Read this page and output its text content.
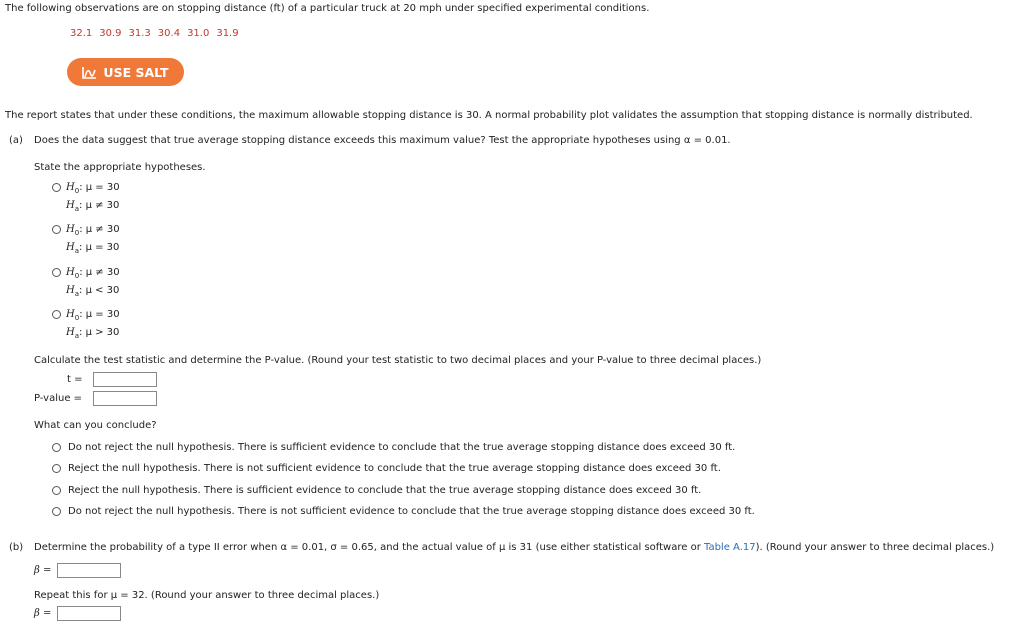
The following observations are on stopping distance (ft) of a particular truck at 20 mph under specified experimental conditions.
32.1 30.9 31.3 30.4 31.0 31.9
USE SALT
The report states that under these conditions, the maximum allowable stopping distance is 30. A normal probability plot validates the assumption that stopping distance is normally distributed.
(a) Does the data suggest that true average stopping distance exceeds this maximum value? Test the appropriate hypotheses using α = 0.01.
State the appropriate hypotheses.
$H_0$: μ = 30
$H_a$: μ ≠ 30
$H_0$: μ ≠ 30
$H_a$: μ = 30
$H_0$: μ ≠ 30
$H_a$: μ < 30
$H_0$: μ = 30
$H_a$: μ > 30
Calculate the test statistic and determine the P-value. (Round your test statistic to two decimal places and your P-value to three decimal places.)
t =
P-value =
What can you conclude?
Do not reject the null hypothesis. There is sufficient evidence to conclude that the true average stopping distance does exceed 30 ft.
Reject the null hypothesis. There is not sufficient evidence to conclude that the true average stopping distance does exceed 30 ft.
Reject the null hypothesis. There is sufficient evidence to conclude that the true average stopping distance does exceed 30 ft.
Do not reject the null hypothesis. There is not sufficient evidence to conclude that the true average stopping distance does exceed 30 ft.
(b) Determine the probability of a type II error when α = 0.01, σ = 0.65, and the actual value of μ is 31 (use either statistical software or Table A.17). (Round your answer to three decimal places.)
β =
Repeat this for μ = 32. (Round your answer to three decimal places.)
β =
